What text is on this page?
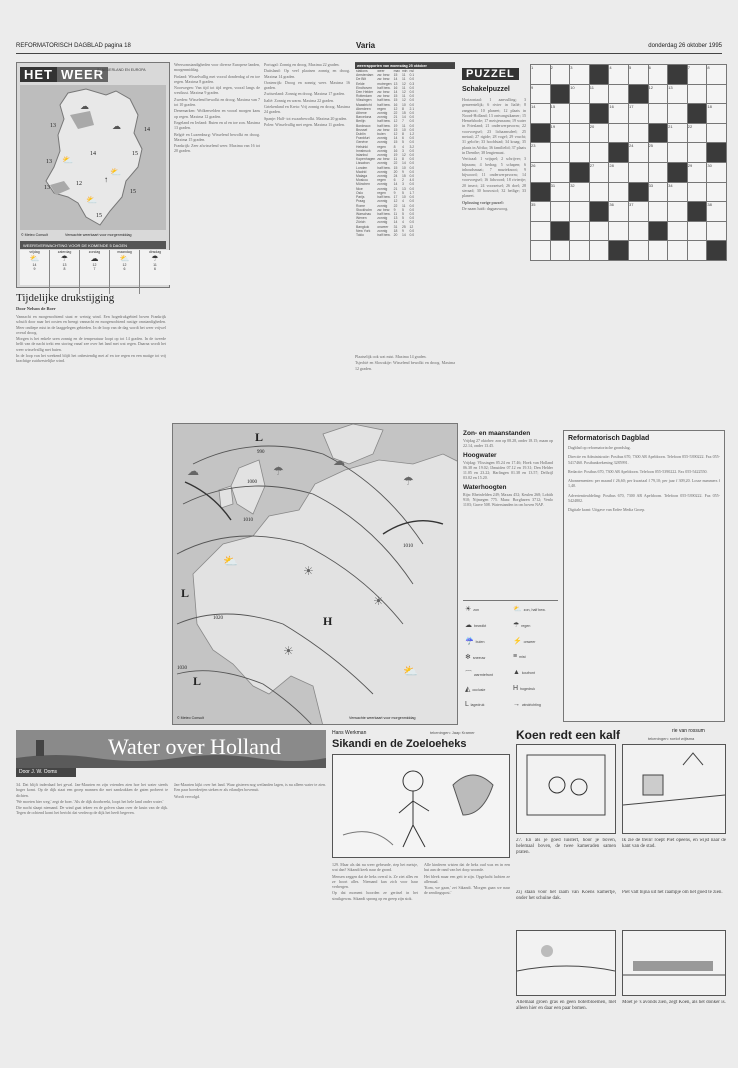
REFORMATORISCH DAGBLAD pagina 18	Varia	donderdag 26 oktober 1995
HET WEER
IN NEDERLAND EN EUROPA
☁
☁
⛅
⛅
⛅
14
13
15
13
14
13
15
15
12	↑
© Meteo Consult	Verwachte weerkaart voor morgenmiddag
WEERSVERWACHTING VOOR DE KOMENDE 5 DAGEN
vrijdag
⛅
14
9
zaterdag
☂
13
8
zondag
☁
12
7
maandag
⛅
12
6
dinsdag
☂
11
6
Tijdelijke drukstijging
Door Nelson de Boer

Vannacht en morgenochtend staat er weinig wind. Een hogedrukgebied boven Frankrijk schuift door naar het oosten en brengt vannacht en morgenochtend rustige omstandigheden. Meer ondiepe mist in de laaggelegen gebieden. In de loop van de dag wordt het weer vrijwel overal droog.

Morgen is het enkele uren zonnig en de temperatuur loopt op tot 14 graden. In de tweede helft van de nacht trekt een storing vanaf zee over het land met wat regen. Daarna wordt het weer wisselvallig met buien.

In de loop van het weekend blijft het onbestendig met af en toe regen en een matige tot vrij krachtige zuidwestelijke wind.

Weersomstandigheden voor diverse Europese landen, morgenmiddag.

Finland: Wisselvallig met vooral donderdag af en toe regen. Maxima 8 graden.

Noorwegen: Van tijd tot tijd regen, vooral langs de westkust. Maxima 9 graden.

Zweden: Wisselend bewolkt en droog. Maxima van 7 tot 10 graden.

Denemarken: Wolkenvelden en vooral morgen kans op regen. Maxima 12 graden.

Engeland en Ierland: Buien en af en toe zon. Maxima 13 graden.

België en Luxemburg: Wisselend bewolkt en droog. Maxima 15 graden.

Frankrijk: Zeer afwisselend weer. Maxima van 16 tot 20 graden.

Portugal: Zonnig en droog. Maxima 22 graden.

Duitsland: Op veel plaatsen zonnig en droog. Maxima 14 graden.

Oostenrijk: Droog en zonnig weer. Maxima 16 graden.

Zwitserland: Zonnig en droog. Maxima 17 graden.

Italië: Zonnig en warm. Maxima 22 graden.

Griekenland en Kreta: Vrij zonnig en droog. Maxima 24 graden.

Spanje: Half- tot zwaarbewolkt. Maxima 20 graden.

Polen: Wisselvallig met regen. Maxima 11 graden.

weerrapporten van woensdag 25 oktober
stations	weer	max	min	nsl
Amsterdam	zw. bew.	15	11	0.1
De Bilt	zw. bew.	14	11	0.0
Eelde	motregen	13	12	0.3
Eindhoven	half bew.	16	11	0.0
Den Helder	zw. bew.	14	12	0.0
Rotterdam	zw. bew.	15	11	0.0
Vlissingen	half bew.	15	12	0.0
Maastricht	half bew.	16	10	0.0
Aberdeen	regen	12	8	2.1
Athene	zonnig	22	15	0.0
Barcelona	zonnig	21	14	0.0
Berlijn	half bew.	12	7	0.0
Bordeaux	half bew.	19	11	0.0
Brussel	zw. bew.	15	10	0.0
Dublin	buien	12	8	1.2
Frankfurt	zonnig	14	6	0.0
Genève	zonnig	15	5	0.0
Helsinki	regen	8	4	3.2
Innsbruck	zonnig	16	3	0.0
Istanbul	zonnig	19	12	0.0
Kopenhagen	zw. bew.	11	8	0.0
Lissabon	zonnig	22	14	0.0
Londen	half bew.	15	10	0.0
Madrid	zonnig	20	9	0.0
Malaga	zonnig	24	15	0.0
Moskou	regen	6	2	4.0
München	zonnig	14	3	0.0
Nice	zonnig	21	13	0.0
Oslo	regen	9	5	1.7
Parijs	half bew.	17	10	0.0
Praag	zonnig	12	4	0.0
Rome	zonnig	22	11	0.0
Stockholm	zw. bew.	9	5	0.0
Warschau	half bew.	11	5	0.0
Wenen	zonnig	13	5	0.0
Zürich	zonnig	14	4	0.0
Bangkok	onweer	31	25	12
New York	zonnig	18	9	0.0
Tokio	half bew.	20	14	0.0

Plaatselijk ook wat mist. Maxima 14 graden.

Tsjechië en Slowakije: Wisselend bewolkt en droog. Maxima 12 graden.

PUZZEL
Schakelpuzzel

Horizontaal: 1 aanvulling; 3 gemeentelijk; 6 rivier in Italië; 8 zangnoot; 10 planeet; 12 plaats in Noord-Holland; 13 ontvangstkamer; 15 Hemelsbode; 17 meisjesnaam; 19 water in Friesland; 21 onderwerpsvorm; 22 voorvoegsel; 23 lichaamsdeel; 25 metaal; 27 rigide; 28 vogel; 29 vrucht; 31 gelofte; 33 hoofdstad; 34 kraag; 35 plaats in Afrika; 36 familielid; 37 plaats in Drenthe; 38 lengtemaat.

Verticaal: 1 vrijspel; 2 schrijver; 3 bijnaam; 4 bedrag; 5 schapen; 6 inhoudsmaat; 7 muzieknoot; 9 bijwoord; 11 onderwerpsvorm; 14 voorvoegsel; 16 lidwoord; 18 riviertje; 20 insect; 24 voorzetsel; 26 doel; 28 sieraad; 30 bouwstof; 32 heilige; 33 planeet.

Oplossing vorige puzzel:

De naam luidt: dagpauwoog.

1	2	3		4	5	6		7	8
9		10	11			12	13		
14	15			16	17				18
	19		20				21	22	
23					24	25			
26			27	28				29	30
	31	32				33	34		
35				36	37				38

990
1000
1010
1020
1030
1010
L
L
H
L
☁	☂
☁
☂
⛅
☀
☀
☀
⛅
© Meteo Consult	Verwachte weerkaart voor morgenmiddag
Zon- en maanstanden
Vrijdag 27 oktober: zon op 08.28, onder 18.15; maan op 22.14, onder 13.45.
Hoogwater
Vrijdag: Vlissingen 05.24 en 17.46; Hoek van Holland 06.38 en 19.02; IJmuiden 07.12 en 19.31; Den Helder 11.05 en 23.22; Harlingen 01.38 en 13.57; Delfzijl 03.02 en 15.20.
Waterhoogten
Rijn: Rheinfelden 249; Maxau 452; Keulen 268; Lobith 910; Nijmegen 775. Maas: Borgharen 3712; Venlo 1103; Grave 508. Waterstanden in cm boven NAP.
☀ zon	⛅ zon, half bew.
☁ bewolkt	☂ regen
☔ buien	⚡ onweer
❄ sneeuw	≡ mist
⌒ warmtefront	▲ koufront
◭ occlusie	H hogedruk
L lagedruk	→ windrichting
Reformatorisch Dagblad

Dagblad op reformatorische grondslag.

Directie en Administratie: Postbus 670, 7300 AR Apeldoorn. Telefoon 055-5390222. Fax 055-5417460. Postbankrekening 3285991.

Redactie: Postbus 670, 7300 AR Apeldoorn. Telefoon 055-5390222. Fax 055-5422550.

Abonnementen: per maand f 26,60; per kwartaal f 79,10; per jaar f 309,20. Losse nummers f 1,40.

Advertentieafdeling: Postbus 670, 7300 AR Apeldoorn. Telefoon 055-5390222. Fax 055-5424802.

Digitale krant: Uitgave van Erdee Media Groep.

Water over Holland
Door J. W. Ooms

34. Dat blijft inderdaad het geval. Jan-Maarten en zijn vrienden zien hoe het water steeds hoger komt. Op de dijk staat een groep mannen die met zandzakken de gaten probeert te dichten.

'We moeten hier weg,' zegt de boer. 'Als de dijk doorbreekt, loopt het hele land onder water.'

Die nacht slaapt niemand. De wind gaat tekeer en de golven slaan over de kruin van de dijk. Tegen de ochtend komt het bericht dat verderop de dijk het heeft begeven.

Jan-Maarten kijkt over het land. Waar gisteren nog weilanden lagen, is nu alleen water te zien. Een paar boerderijen steken er als eilandjes bovenuit.

Wordt vervolgd.

Hans Werkman	tekeningen: Jaap Kramer
Sikandi en de Zoeloeheks

129. Maar als dat nu weer gebeurde, riep het meisje, wat dan? Sikandi keek naar de grond.

Mensen zeggen dat de heks overal is. Ze ziet alles en ze hoort alles. Niemand kan zich voor haar verbergen.

Op dat moment hoorden ze geritsel in het struikgewas. Sikandi sprong op en greep zijn stok.

Alle kinderen wisten dat de heks oud was en in een hut aan de rand van het dorp woonde.

Het bleek maar een geit te zijn. Opgelucht lachten ze allemaal.

'Kom, we gaan,' zei Sikandi. 'Morgen gaan we naar de zendingspost.'

Koen redt een kalf	rie van rossum
tekeningen: roelof wijtsma
27. En als je goed luistert, hoor je boven, helemaal boven, de twee kameraden samen praten.
Ik zie de trein! roept Piet opeens, en wijst naar de kant van de stad.
Zij staan voor het raam van Koens kamertje, onder het schuine dak.
Piet valt bijna uit het raampje om het goed te zien.
Allemaal groen gras en geen boterbloemen, met alleen hier en daar een paar bomen.
Moet je 's avonds zien, zegt Koen, als het donker is.
